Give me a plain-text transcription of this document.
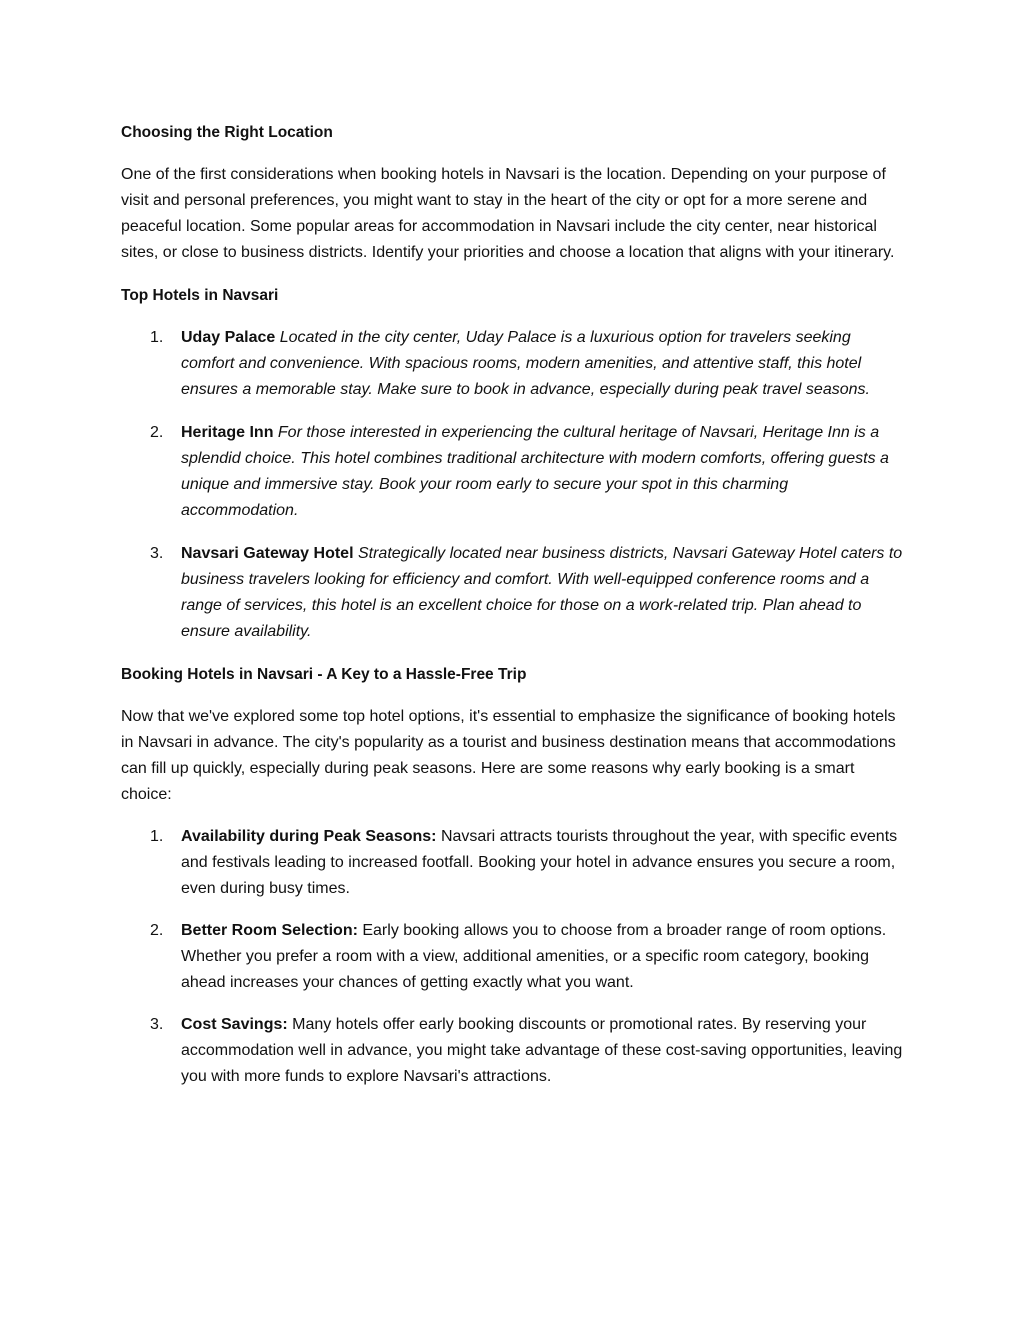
Choosing the Right Location

One of the first considerations when booking hotels in Navsari is the location. Depending on your purpose of visit and personal preferences, you might want to stay in the heart of the city or opt for a more serene and peaceful location. Some popular areas for accommodation in Navsari include the city center, near historical sites, or close to business districts. Identify your priorities and choose a location that aligns with your itinerary.

Top Hotels in Navsari

1. Uday Palace Located in the city center, Uday Palace is a luxurious option for travelers seeking comfort and convenience. With spacious rooms, modern amenities, and attentive staff, this hotel ensures a memorable stay. Make sure to book in advance, especially during peak travel seasons.
2. Heritage Inn For those interested in experiencing the cultural heritage of Navsari, Heritage Inn is a splendid choice. This hotel combines traditional architecture with modern comforts, offering guests a unique and immersive stay. Book your room early to secure your spot in this charming accommodation.
3. Navsari Gateway Hotel Strategically located near business districts, Navsari Gateway Hotel caters to business travelers looking for efficiency and comfort. With well-equipped conference rooms and a range of services, this hotel is an excellent choice for those on a work-related trip. Plan ahead to ensure availability.

Booking Hotels in Navsari - A Key to a Hassle-Free Trip

Now that we've explored some top hotel options, it's essential to emphasize the significance of booking hotels in Navsari in advance. The city's popularity as a tourist and business destination means that accommodations can fill up quickly, especially during peak seasons. Here are some reasons why early booking is a smart choice:

1. Availability during Peak Seasons: Navsari attracts tourists throughout the year, with specific events and festivals leading to increased footfall. Booking your hotel in advance ensures you secure a room, even during busy times.
2. Better Room Selection: Early booking allows you to choose from a broader range of room options. Whether you prefer a room with a view, additional amenities, or a specific room category, booking ahead increases your chances of getting exactly what you want.
3. Cost Savings: Many hotels offer early booking discounts or promotional rates. By reserving your accommodation well in advance, you might take advantage of these cost-saving opportunities, leaving you with more funds to explore Navsari's attractions.
